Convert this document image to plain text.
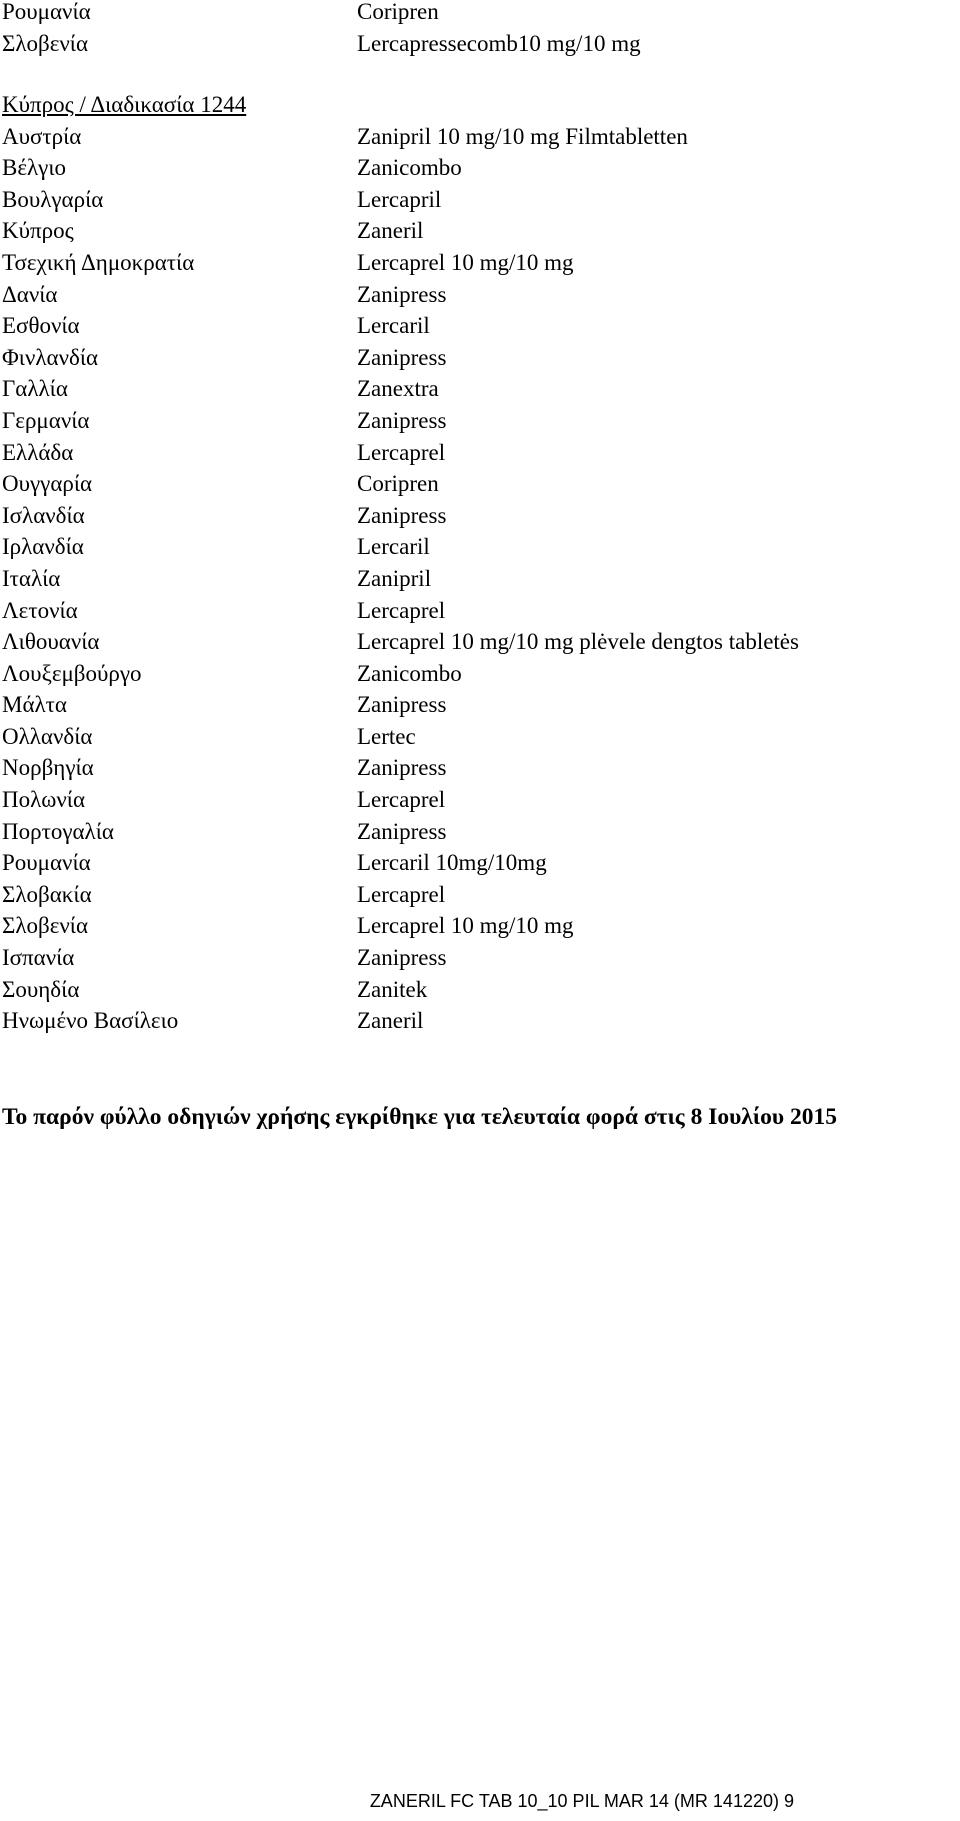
Ρουμανία	Coripren
Σλοβενία	Lercapressecomb10 mg/10 mg
Κύπρος / Διαδικασία 1244
Αυστρία	Zanipril 10 mg/10 mg Filmtabletten
Βέλγιο	Zanicombo
Βουλγαρία	Lercapril
Κύπρος	Zaneril
Τσεχική Δημοκρατία	Lercaprel 10 mg/10 mg
Δανία	Zanipress
Εσθονία	Lercaril
Φινλανδία	Zanipress
Γαλλία	Zanextra
Γερμανία	Zanipress
Ελλάδα	Lercaprel
Ουγγαρία	Coripren
Ισλανδία	Zanipress
Ιρλανδία	Lercaril
Ιταλία	Zanipril
Λετονία	Lercaprel
Λιθουανία	Lercaprel 10 mg/10 mg plėvele dengtos tabletės
Λουξεμβούργο	Zanicombo
Μάλτα	Zanipress
Ολλανδία	Lertec
Νορβηγία	Zanipress
Πολωνία	Lercaprel
Πορτογαλία	Zanipress
Ρουμανία	Lercaril 10mg/10mg
Σλοβακία	Lercaprel
Σλοβενία	Lercaprel 10 mg/10 mg
Ισπανία	Zanipress
Σουηδία	Zanitek
Ηνωμένο Βασίλειο	Zaneril
Το παρόν φύλλο οδηγιών χρήσης εγκρίθηκε για τελευταία φορά στις 8 Ιουλίου 2015
ZANERIL FC TAB 10_10 PIL MAR 14 (MR 141220) 9
